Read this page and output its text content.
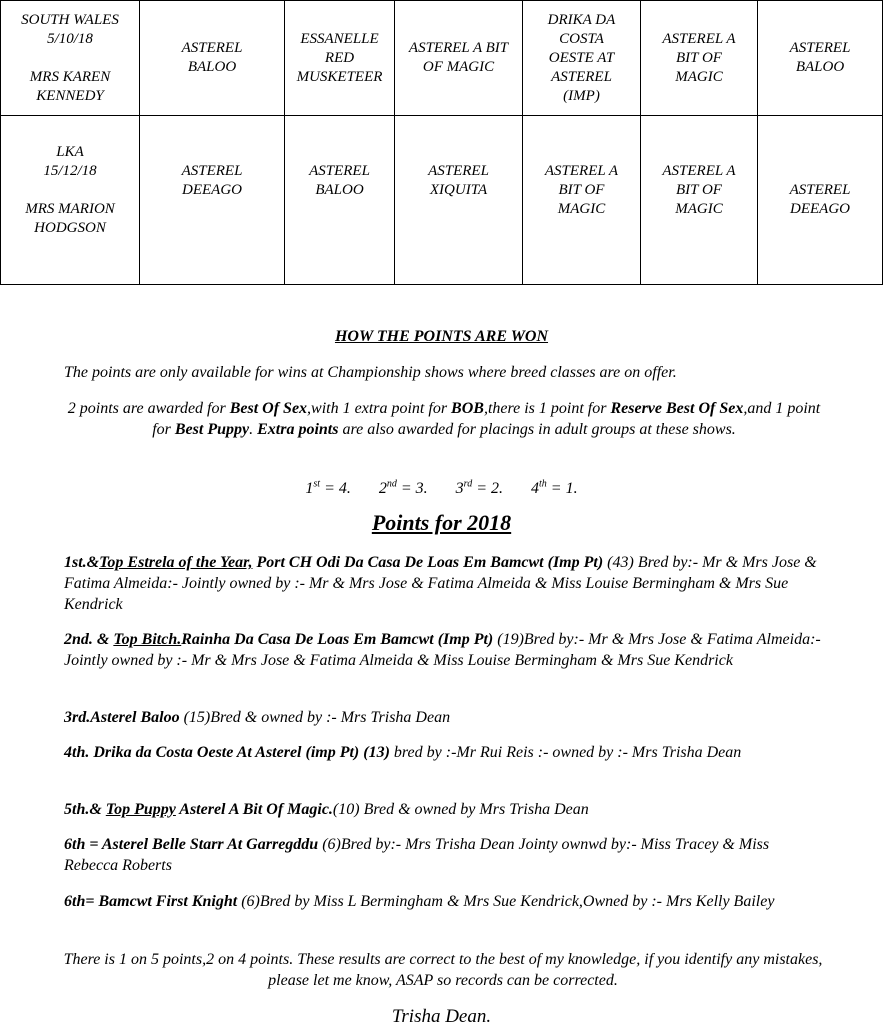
SOUTH WALES
5/10/18
MRS KAREN
KENNEDY	ASTEREL
BALOO	ESSANELLE
RED
MUSKETEER	ASTEREL A BIT
OF MAGIC	DRIKA DA
COSTA
OESTE AT
ASTEREL
(IMP)	ASTEREL A
BIT OF
MAGIC	ASTEREL
BALOO

LKA
15/12/18
MRS MARION
HODGSON	ASTEREL
DEEAGO	ASTEREL
BALOO	ASTEREL
XIQUITA	ASTEREL A
BIT OF
MAGIC	ASTEREL A
BIT OF
MAGIC	ASTEREL
DEEAGO
HOW THE POINTS ARE WON
The points are only available for wins at Championship shows where breed classes are on offer.
2 points are awarded for Best Of Sex,with 1 extra point for BOB,there is 1 point for Reserve Best Of Sex,and 1 point for Best Puppy. Extra points are also awarded for placings in adult groups at these shows.
1st = 4. 2nd = 3. 3rd = 2. 4th = 1.
Points for 2018
1st.&Top Estrela of the Year, Port CH Odi Da Casa De Loas Em Bamcwt (Imp Pt) (43) Bred by:- Mr & Mrs Jose & Fatima Almeida:- Jointly owned by :- Mr & Mrs Jose & Fatima Almeida & Miss Louise Bermingham & Mrs Sue Kendrick
2nd. & Top Bitch.Rainha Da Casa De Loas Em Bamcwt (Imp Pt) (19)Bred by:- Mr & Mrs Jose & Fatima Almeida:- Jointly owned by :- Mr & Mrs Jose & Fatima Almeida & Miss Louise Bermingham & Mrs Sue Kendrick
3rd.Asterel Baloo (15)Bred & owned by :- Mrs Trisha Dean
4th. Drika da Costa Oeste At Asterel (imp Pt) (13) bred by :-Mr Rui Reis :- owned by :- Mrs Trisha Dean
5th.& Top Puppy Asterel A Bit Of Magic.(10) Bred & owned by Mrs Trisha Dean
6th = Asterel Belle Starr At Garregddu (6)Bred by:- Mrs Trisha Dean Jointy ownwd by:- Miss Tracey & Miss Rebecca Roberts
6th= Bamcwt First Knight (6)Bred by Miss L Bermingham & Mrs Sue Kendrick,Owned by :- Mrs Kelly Bailey
There is 1 on 5 points,2 on 4 points. These results are correct to the best of my knowledge, if you identify any mistakes, please let me know, ASAP so records can be corrected.
Trisha Dean.
